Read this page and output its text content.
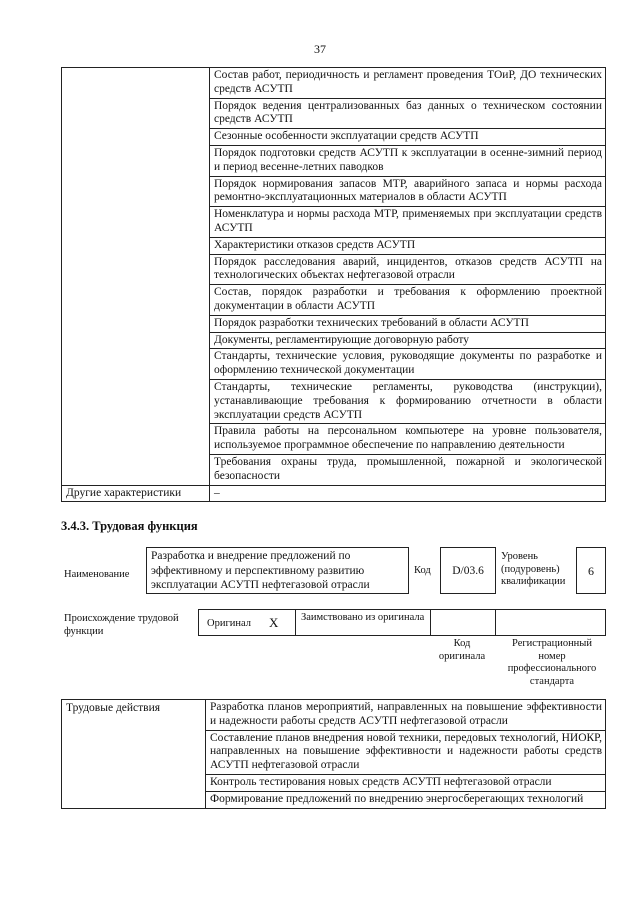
37
	Состав работ, периодичность и регламент проведения ТОиР, ДО технических средств АСУТП
	Порядок ведения централизованных баз данных о техническом состоянии средств АСУТП
	Сезонные особенности эксплуатации средств АСУТП
	Порядок подготовки средств АСУТП к эксплуатации в осенне-зимний период и период весенне-летних паводков
	Порядок нормирования запасов МТР, аварийного запаса и нормы расхода ремонтно-эксплуатационных материалов в области АСУТП
	Номенклатура и нормы расхода МТР, применяемых при эксплуатации средств АСУТП
	Характеристики отказов средств АСУТП
	Порядок расследования аварий, инцидентов, отказов средств АСУТП на технологических объектах нефтегазовой отрасли
	Состав, порядок разработки и требования к оформлению проектной документации в области АСУТП
	Порядок разработки технических требований в области АСУТП
	Документы, регламентирующие договорную работу
	Стандарты, технические условия, руководящие документы по разработке и оформлению технической документации
	Стандарты, технические регламенты, руководства (инструкции), устанавливающие требования к формированию отчетности в области эксплуатации средств АСУТП
	Правила работы на персональном компьютере на уровне пользователя, используемое программное обеспечение по направлению деятельности
	Требования охраны труда, промышленной, пожарной и экологической безопасности
Другие характеристики	–
3.4.3. Трудовая функция
Наименование
Разработка и внедрение предложений по эффективному и перспективному развитию эксплуатации АСУТП нефтегазовой отрасли
Код	D/03.6
Уровень (подуровень) квалификации
6
Происхождение трудовой функции
Оригинал X Заимствовано из оригинала
Код оригинала
Регистрационный номер профессионального стандарта
Трудовые действия	Разработка планов мероприятий, направленных на повышение эффективности и надежности работы средств АСУТП нефтегазовой отрасли
Составление планов внедрения новой техники, передовых технологий, НИОКР, направленных на повышение эффективности и надежности работы средств АСУТП нефтегазовой отрасли
Контроль тестирования новых средств АСУТП нефтегазовой отрасли
Формирование предложений по внедрению энергосберегающих технологий
